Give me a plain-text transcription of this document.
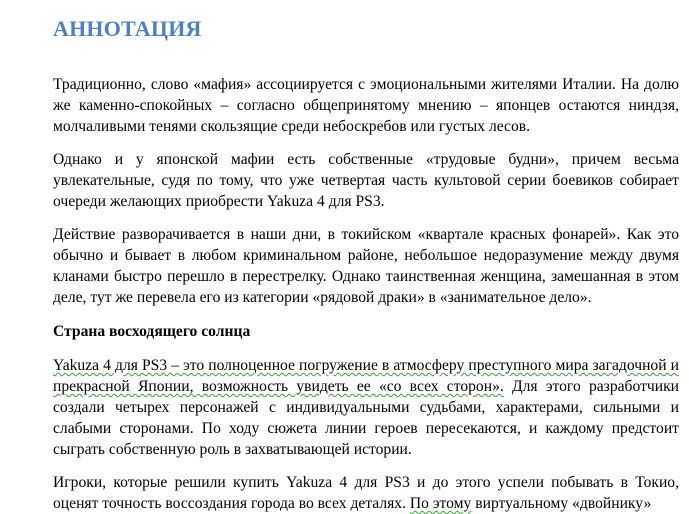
АННОТАЦИЯ

Традиционно, слово «мафия» ассоциируется с эмоциональными жителями Италии. На долю же каменно-спокойных – согласно общепринятому мнению – японцев остаются ниндзя, молчаливыми тенями скользящие среди небоскребов или густых лесов.

Однако и у японской мафии есть собственные «трудовые будни», причем весьма увлекательные, судя по тому, что уже четвертая часть культовой серии боевиков собирает очереди желающих приобрести Yakuza 4 для PS3.

Действие разворачивается в наши дни, в токийском «квартале красных фонарей». Как это обычно и бывает в любом криминальном районе, небольшое недоразумение между двумя кланами быстро перешло в перестрелку. Однако таинственная женщина, замешанная в этом деле, тут же перевела его из категории «рядовой драки» в «занимательное дело».

Страна восходящего солнца

Yakuza 4 для PS3 – это полноценное погружение в атмосферу преступного мира загадочной и прекрасной Японии, возможность увидеть ее «со всех сторон». Для этого разработчики создали четырех персонажей с индивидуальными судьбами, характерами, сильными и слабыми сторонами. По ходу сюжета линии героев пересекаются, и каждому предстоит сыграть собственную роль в захватывающей истории.

Игроки, которые решили купить Yakuza 4 для PS3 и до этого успели побывать в Токио, оценят точность воссоздания города во всех деталях. По этому виртуальному «двойнику»
